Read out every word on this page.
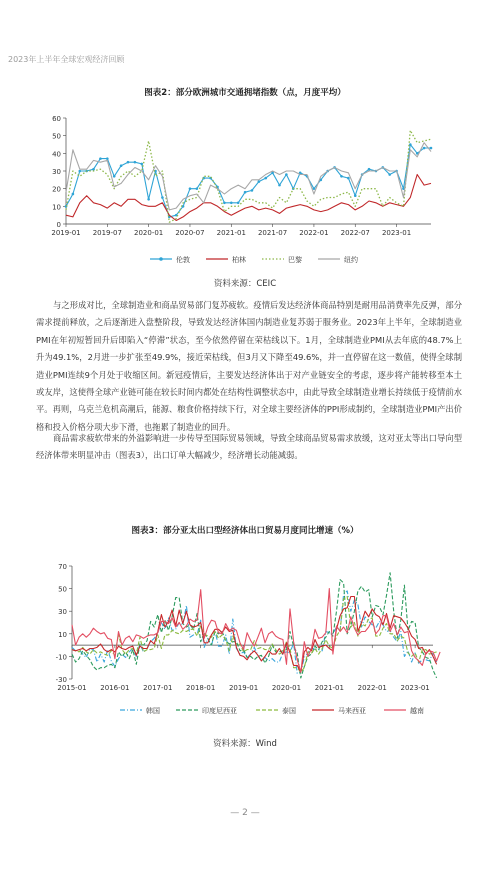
2023年上半年全球宏观经济回顾
图表2：部分欧洲城市交通拥堵指数（点，月度平均）
0
10
20
30
40
50
60
2019-01 2019-07 2020-01 2020-07 2021-01 2021-07 2022-01 2022-07 2023-01
伦敦	柏林	巴黎	纽约
资料来源：CEIC

与之形成对比，全球制造业和商品贸易部门复苏疲软。疫情后发达经济体商品特别是耐用品消费率先反弹，部分需求提前释放，之后逐渐进入盘整阶段，导致发达经济体国内制造业复苏弱于服务业。2023年上半年，全球制造业PMI在年初短暂回升后即陷入“停滞”状态，至今依然停留在荣枯线以下。1月，全球制造业PMI从去年底的48.7%上升为49.1%，2月进一步扩张至49.9%，接近荣枯线，但3月又下降至49.6%，并一直停留在这一数值，使得全球制造业PMI连续9个月处于收缩区间。新冠疫情后，主要发达经济体出于对产业链安全的考虑，逐步将产能转移至本土或友岸，这使得全球产业链可能在较长时间内都处在结构性调整状态中，由此导致全球制造业增长持续低于疫情前水平。再则，乌克兰危机高潮后，能源、粮食价格持续下行，对全球主要经济体的PPI形成制约，全球制造业PMI产出价格和投入价格分项大步下滑，也拖累了制造业的回升。

商品需求疲软带来的外溢影响进一步传导至国际贸易领域，导致全球商品贸易需求放缓，这对亚太等出口导向型经济体带来明显冲击（图表3），出口订单大幅减少，经济增长动能减弱。

图表3：部分亚太出口型经济体出口贸易月度同比增速（%）
-30
-10
10
30
50
70
2015-01 2016-01 2017-01 2018-01 2019-01 2020-01 2021-01 2022-01 2023-01
韩国	印度尼西亚	泰国	马来西亚	越南
资料来源：Wind
— 2 —
